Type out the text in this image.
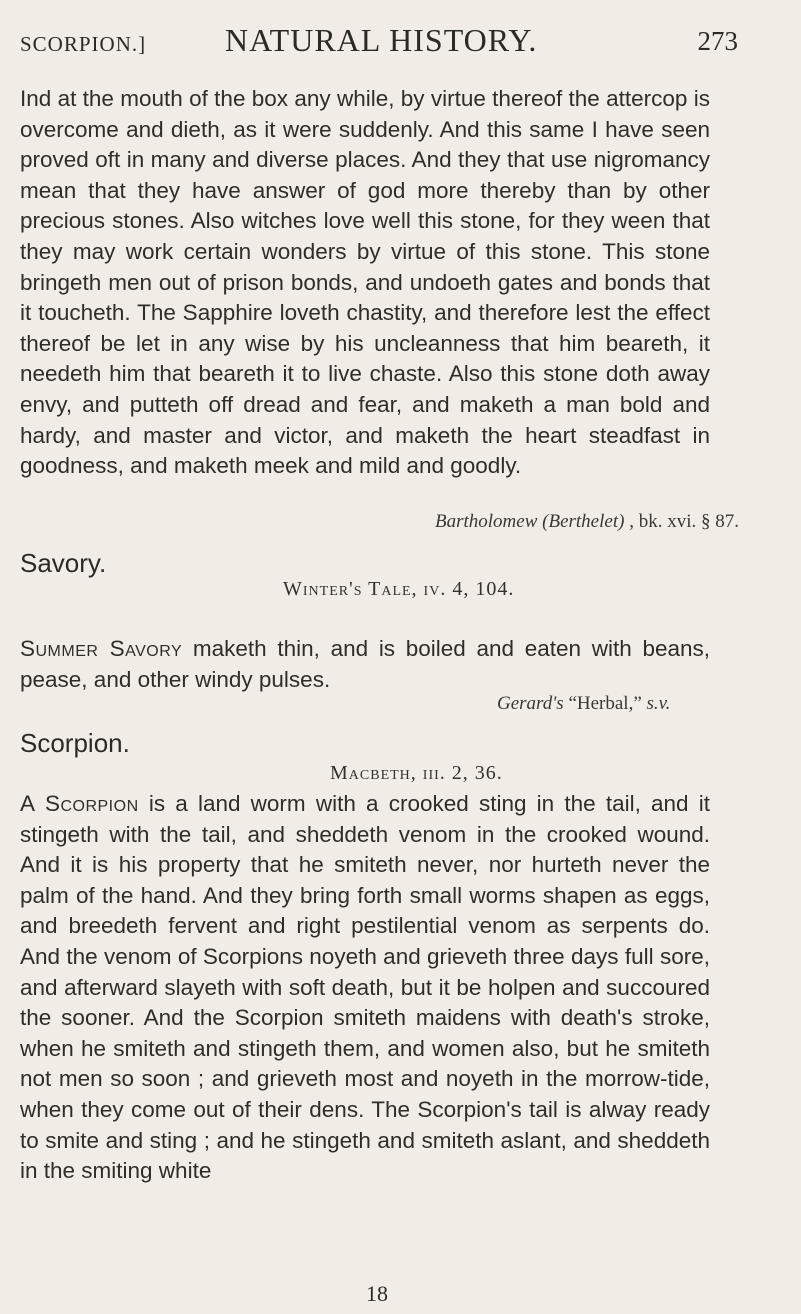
SCORPION.] NATURAL HISTORY.	273

Ind at the mouth of the box any while, by virtue thereof the attercop is overcome and dieth, as it were suddenly. And this same I have seen proved oft in many and diverse places. And they that use nigromancy mean that they have answer of god more thereby than by other precious stones. Also witches love well this stone, for they ween that they may work certain wonders by virtue of this stone. This stone bringeth men out of prison bonds, and undoeth gates and bonds that it toucheth. The Sapphire loveth chastity, and therefore lest the effect thereof be let in any wise by his uncleanness that him beareth, it needeth him that beareth it to live chaste. Also this stone doth away envy, and putteth off dread and fear, and maketh a man bold and hardy, and master and victor, and maketh the heart steadfast in goodness, and maketh meek and mild and goodly.

Bartholomew (Berthelet) , bk. xvi. § 87.
Savory.
Winter's Tale, iv. 4, 104.

Summer Savory maketh thin, and is boiled and eaten with beans, pease, and other windy pulses.

Gerard's “Herbal,” s.v.
Scorpion.
Macbeth, iii. 2, 36.

A Scorpion is a land worm with a crooked sting in the tail, and it stingeth with the tail, and sheddeth venom in the crooked wound. And it is his property that he smiteth never, nor hurteth never the palm of the hand. And they bring forth small worms shapen as eggs, and breedeth fervent and right pestilential venom as serpents do. And the venom of Scorpions noyeth and grieveth three days full sore, and afterward slayeth with soft death, but it be holpen and succoured the sooner. And the Scorpion smiteth maidens with death's stroke, when he smiteth and stingeth them, and women also, but he smiteth not men so soon ; and grieveth most and noyeth in the morrow-tide, when they come out of their dens. The Scorpion's tail is alway ready to smite and sting ; and he stingeth and smiteth aslant, and sheddeth in the smiting white

18
